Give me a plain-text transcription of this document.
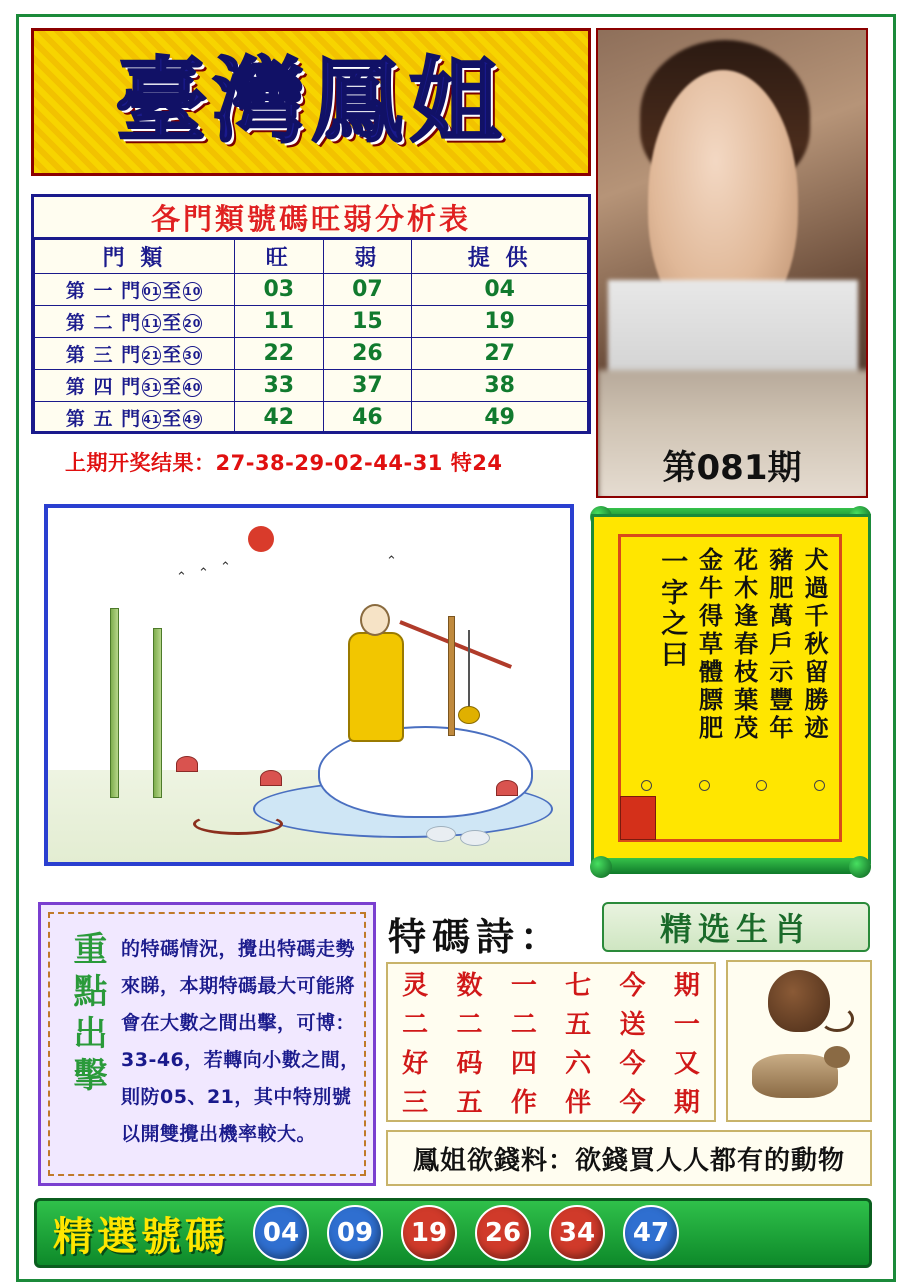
臺灣鳳姐
第081期
各門類號碼旺弱分析表
門 類	旺	弱	提 供
第 一 門 01至 10	03	07	04
第 二 門 11至 20	11	15	19
第 三 門 21至 30	22	26	27
第 四 門 31至 40	33	37	38
第 五 門 41至 49	42	46	49
上期开奖结果：27-38-29-02-44-31 特24
⌃ ⌃ ⌃	⌃	犬過千秋留勝迹
豬肥萬戶示豐年
花木逢春枝葉茂
金牛得草體膘肥
一字之曰
重點出擊 的特碼情況，攪出特碼走勢來睇，本期特碼最大可能將會在大數之間出擊，可博：33-46，若轉向小數之間，則防05、21，其中特別號以開雙攪出機率較大。
特碼詩：
灵 数 一 七 今 期
二 二 二 五 送 一
好 码 四 六 今 又
三 五 作 伴 今 期
精选生肖
鳳姐欲錢料：欲錢買人人都有的動物
精選號碼	04	09	19	26	34	47
